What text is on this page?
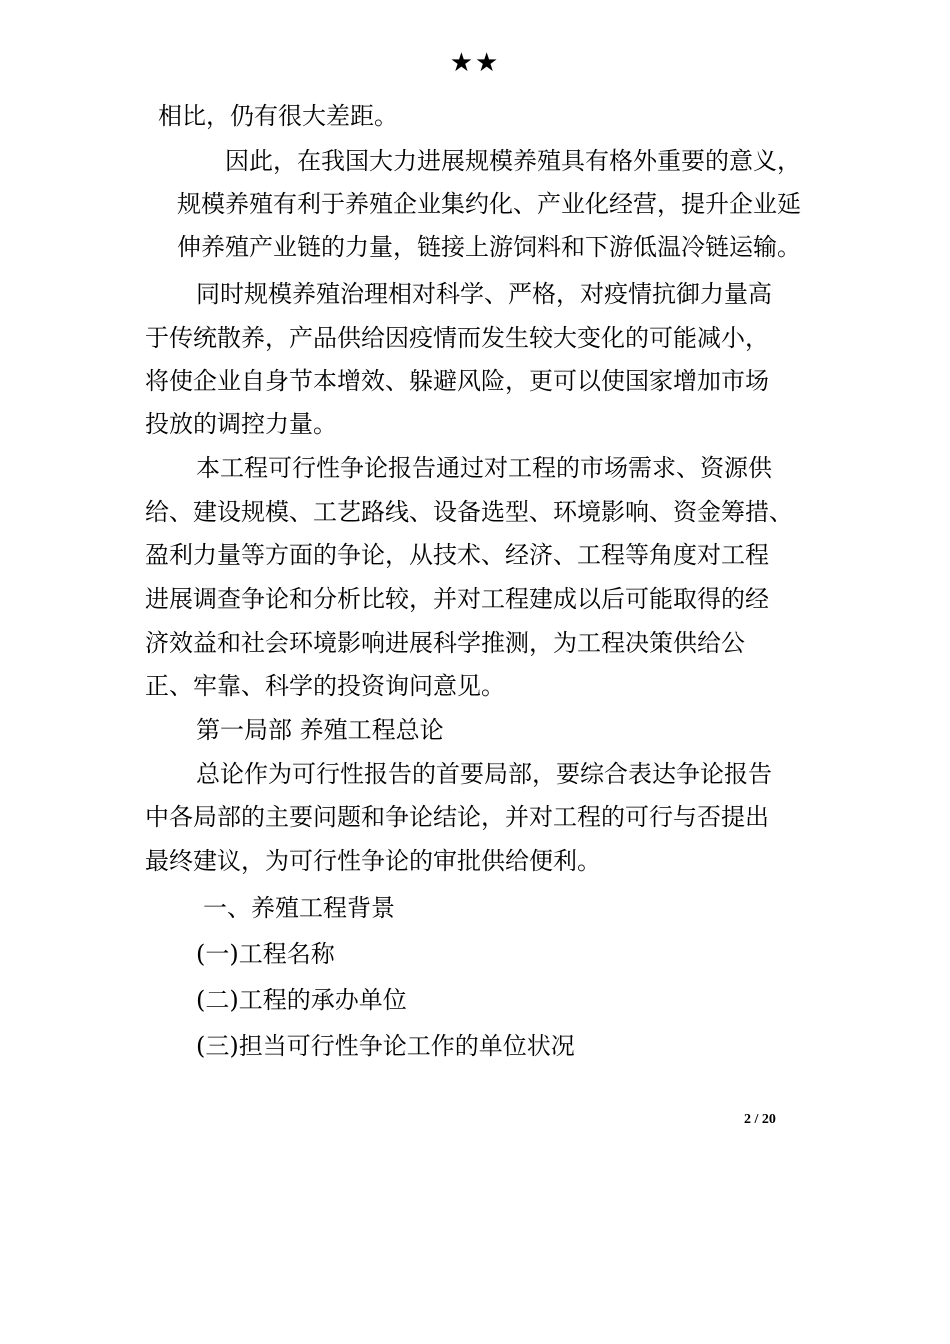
★★
相比，仍有很大差距。
因此，在我国大力进展规模养殖具有格外重要的意义，
规模养殖有利于养殖企业集约化、产业化经营，提升企业延
伸养殖产业链的力量，链接上游饲料和下游低温冷链运输。
同时规模养殖治理相对科学、严格，对疫情抗御力量高
于传统散养，产品供给因疫情而发生较大变化的可能减小，
将使企业自身节本增效、躲避风险，更可以使国家增加市场
投放的调控力量。
本工程可行性争论报告通过对工程的市场需求、资源供
给、建设规模、工艺路线、设备选型、环境影响、资金筹措、
盈利力量等方面的争论，从技术、经济、工程等角度对工程
进展调查争论和分析比较，并对工程建成以后可能取得的经
济效益和社会环境影响进展科学推测，为工程决策供给公
正、牢靠、科学的投资询问意见。
第一局部 养殖工程总论
总论作为可行性报告的首要局部，要综合表达争论报告
中各局部的主要问题和争论结论，并对工程的可行与否提出
最终建议，为可行性争论的审批供给便利。
一、养殖工程背景
(一)工程名称
(二)工程的承办单位
(三)担当可行性争论工作的单位状况
2 / 20
